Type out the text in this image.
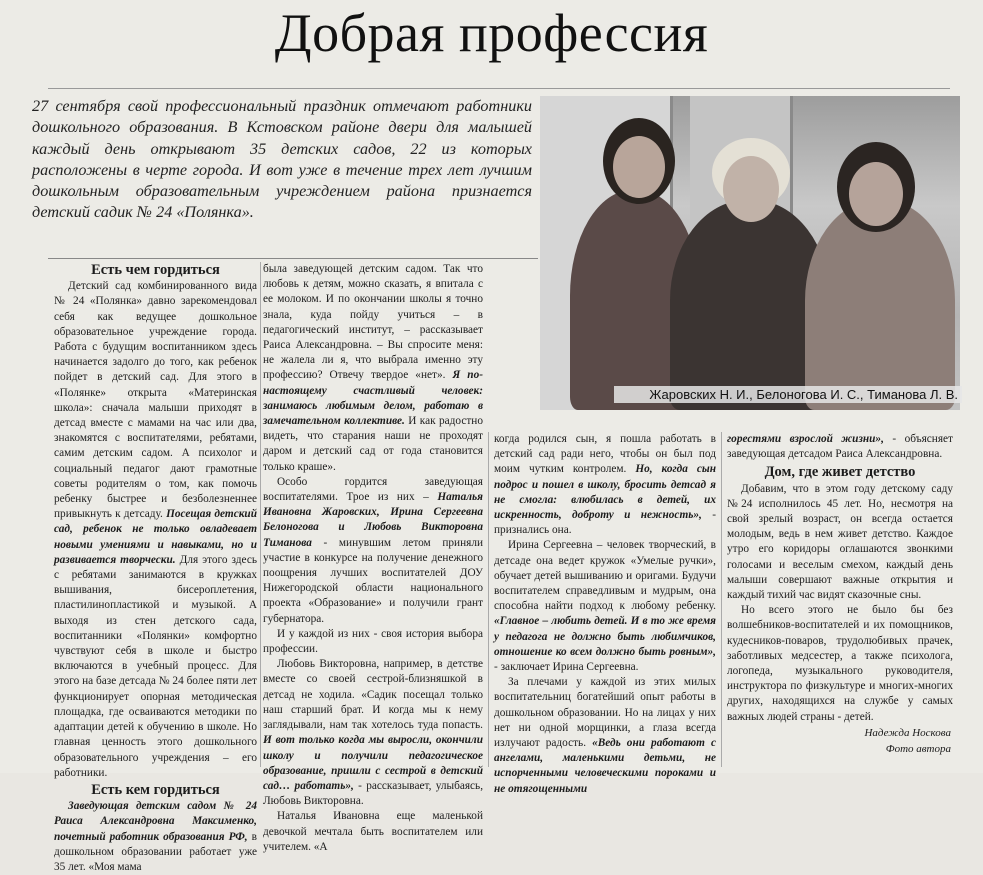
Добрая профессия
27 сентября свой профессиональный праздник отмечают работники дошкольного образования. В Кстовском районе двери для малышей каждый день открывают 35 детских садов, 22 из которых расположены в черте города. И вот уже в течение трех лет лучшим дошкольным образовательным учреждением района признается детский садик № 24 «Полянка».
Жаровских Н. И., Белоногова И. С., Тиманова Л. В.
Есть чем гордиться

Детский сад комбинированного вида № 24 «Полянка» давно зарекомендовал себя как ведущее дошкольное образовательное учреждение города. Работа с будущим воспитанником здесь начинается задолго до того, как ребенок пойдет в детский сад. Для этого в «Полянке» открыта «Материнская школа»: сначала малыши приходят в детсад вместе с мамами на час или два, знакомятся с воспитателями, ребятами, самим детским садом. А психолог и социальный педагог дают грамотные советы родителям о том, как помочь ребенку быстрее и безболезненнее привыкнуть к детсаду. Посещая детский сад, ребенок не только овладевает новыми умениями и навыками, но и развивается творчески. Для этого здесь с ребятами занимаются в кружках вышивания, бисероплетения, пластилинопластикой и музыкой. А выходя из стен детского сада, воспитанники «Полянки» комфортно чувствуют себя в школе и быстро включаются в учебный процесс. Для этого на базе детсада № 24 более пяти лет функционирует опорная методическая площадка, где осваиваются методики по адаптации детей к обучению в школе. Но главная ценность этого дошкольного образовательного учреждения – его работники.

Есть кем гордиться

Заведующая детским садом № 24 Раиса Александровна Максименко, почетный работник образования РФ, в дошкольном образовании работает уже 35 лет. «Моя мама

была заведующей детским садом. Так что любовь к детям, можно сказать, я впитала с ее молоком. И по окончании школы я точно знала, куда пойду учиться – в педагогический институт, – рассказывает Раиса Александровна. – Вы спросите меня: не жалела ли я, что выбрала именно эту профессию? Отвечу твердое «нет». Я по-настоящему счастливый человек: занимаюсь любимым делом, работаю в замечательном коллективе. И как радостно видеть, что старания наши не проходят даром и детский сад от года становится только краше».

Особо гордится заведующая воспитателями. Трое из них – Наталья Ивановна Жаровских, Ирина Сергеевна Белоногова и Любовь Викторовна Тиманова - минувшим летом приняли участие в конкурсе на получение денежного поощрения лучших воспитателей ДОУ Нижегородской области национального проекта «Образование» и получили грант губернатора.

И у каждой из них - своя история выбора профессии.

Любовь Викторовна, например, в детстве вместе со своей сестрой-близняшкой в детсад не ходила. «Садик посещал только наш старший брат. И когда мы к нему заглядывали, нам так хотелось туда попасть. И вот только когда мы выросли, окончили школу и получили педагогическое образование, пришли с сестрой в детский сад… работать», - рассказывает, улыбаясь, Любовь Викторовна.

Наталья Ивановна еще маленькой девочкой мечтала быть воспитателем или учителем. «А

когда родился сын, я пошла работать в детский сад ради него, чтобы он был под моим чутким контролем. Но, когда сын подрос и пошел в школу, бросить детсад я не смогла: влюбилась в детей, их искренность, доброту и нежность», - признались она.

Ирина Сергеевна – человек творческий, в детсаде она ведет кружок «Умелые ручки», обучает детей вышиванию и оригами. Будучи воспитателем справедливым и мудрым, она способна найти подход к любому ребенку. «Главное – любить детей. И в то же время у педагога не должно быть любимчиков, отношение ко всем должно быть ровным», - заключает Ирина Сергеевна.

За плечами у каждой из этих милых воспитательниц богатейший опыт работы в дошкольном образовании. Но на лицах у них нет ни одной морщинки, а глаза всегда излучают радость. «Ведь они работают с ангелами, маленькими детьми, не испорченными человеческими пороками и не отягощенными

горестями взрослой жизни», - объясняет заведующая детсадом Раиса Александровна.

Дом, где живет детство

Добавим, что в этом году детскому саду №24 исполнилось 45 лет. Но, несмотря на свой зрелый возраст, он всегда остается молодым, ведь в нем живет детство. Каждое утро его коридоры оглашаются звонкими голосами и веселым смехом, каждый день малыши совершают важные открытия и каждый тихий час видят сказочные сны.

Но всего этого не было бы без волшебников-воспитателей и их помощников, кудесников-поваров, трудолюбивых прачек, заботливых медсестер, а также психолога, логопеда, музыкального руководителя, инструктора по физкультуре и многих-многих других, находящихся на службе у самых важных людей страны - детей.

Надежда Носкова
Фото автора
